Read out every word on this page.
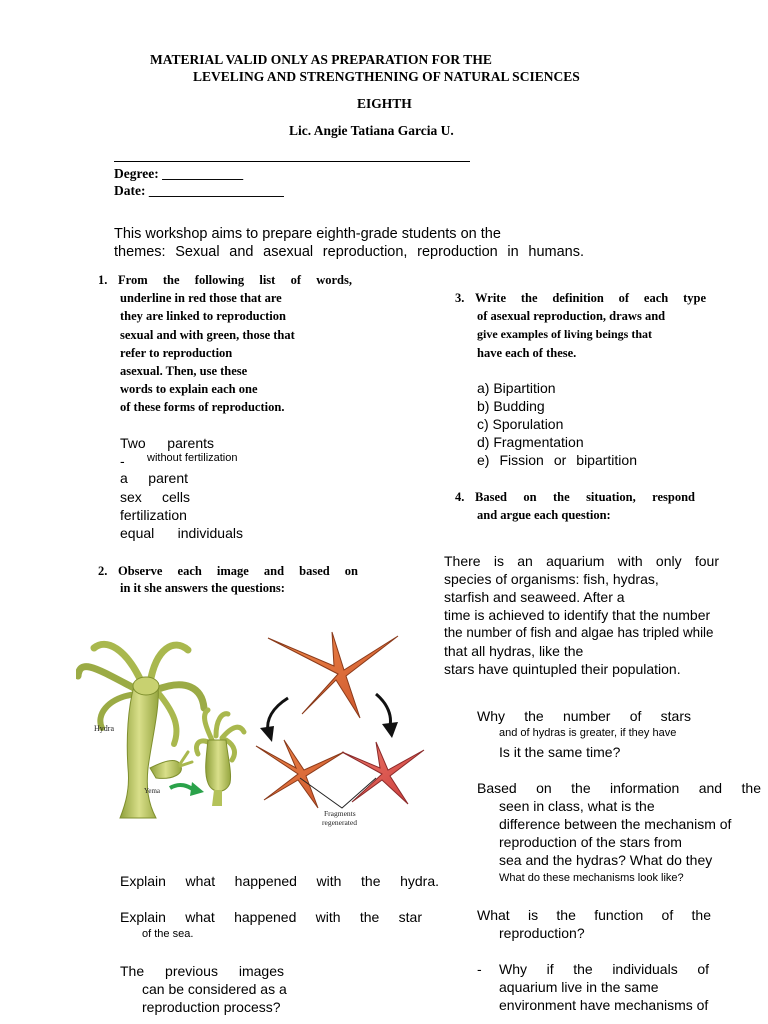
MATERIAL VALID ONLY AS PREPARATION FOR THE
LEVELING AND STRENGTHENING OF NATURAL SCIENCES
EIGHTH
Lic. Angie Tatiana Garcia U.
Degree: ____________
Date: ____________________
This workshop aims to prepare eighth-grade students on the
themes: Sexual and asexual reproduction, reproduction in humans.
1. From the following list of words,
underline in red those that are
they are linked to reproduction
sexual and with green, those that
refer to reproduction
asexual. Then, use these
words to explain each one
of these forms of reproduction.
Two parents
- without fertilization
a parent
sex cells
fertilization
equal individuals
2. Observe each image and based on
in it she answers the questions:
Hydra
Yema
Fragments
regenerated
Explain what happened with the hydra.
Explain what happened with the star
of the sea.
The previous images
can be considered as a
reproduction process?
3. Write the definition of each type
of asexual reproduction, draws and
give examples of living beings that
have each of these.
a) Bipartition
b) Budding
c) Sporulation
d) Fragmentation
e) Fission or bipartition
4. Based on the situation, respond
and argue each question:
There is an aquarium with only four
species of organisms: fish, hydras,
starfish and seaweed. After a
time is achieved to identify that the number
the number of fish and algae has tripled while
that all hydras, like the
stars have quintupled their population.
Why the number of stars
and of hydras is greater, if they have
Is it the same time?
Based on the information and the
seen in class, what is the
difference between the mechanism of
reproduction of the stars from
sea and the hydras? What do they
What do these mechanisms look like?
What is the function of the
reproduction?
- Why if the individuals of
aquarium live in the same
environment have mechanisms of
